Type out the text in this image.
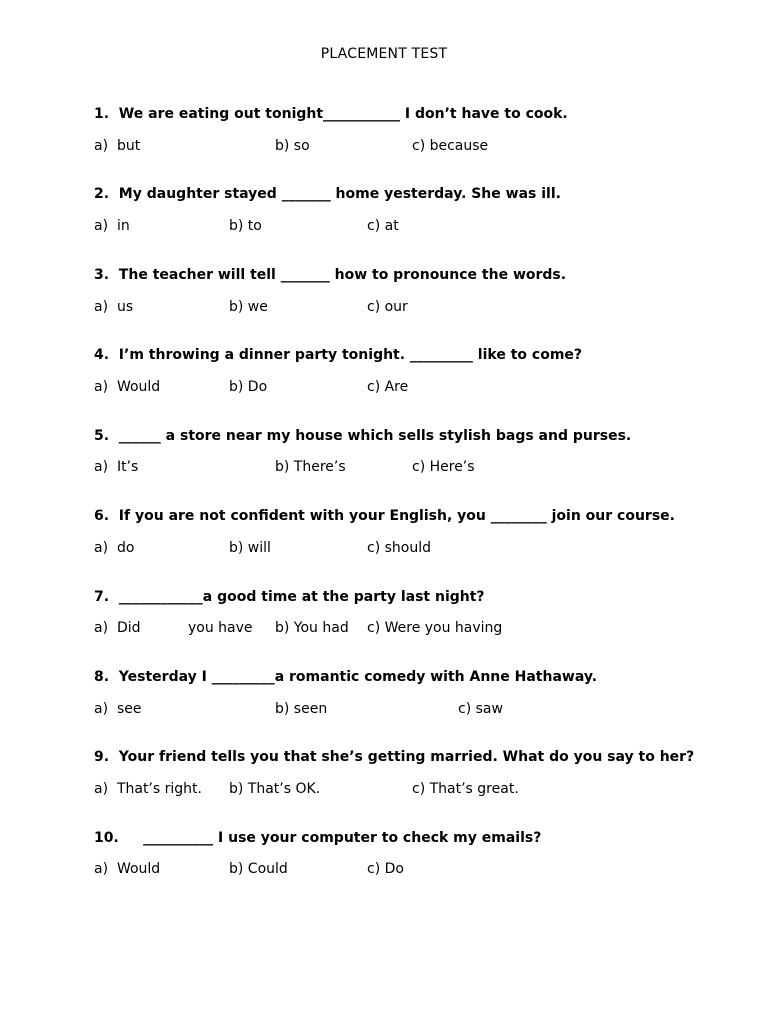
PLACEMENT TEST
1.  We are eating out tonight___________ I don’t have to cook.
a)  but	b) so	c) because
2.  My daughter stayed _______ home yesterday. She was ill.
a)  in	b) to	c) at
3.  The teacher will tell _______ how to pronounce the words.
a)  us	b) we	c) our
4.  I’m throwing a dinner party tonight. _________ like to come?
a)  Would	b) Do	c) Are
5.  ______ a store near my house which sells stylish bags and purses.
a)  It’s	b) There’s	c) Here’s
6.  If you are not confident with your English, you ________ join our course.
a)  do	b) will	c) should
7.  ____________a good time at the party last night?
a)  Did	you have b) You had c) Were you having
8.  Yesterday I _________a romantic comedy with Anne Hathaway.
a)  see	b) seen	c) saw
9.  Your friend tells you that she’s getting married. What do you say to her?
a)  That’s right. b) That’s OK.	c) That’s great.
10.     __________ I use your computer to check my emails?
a)  Would	b) Could	c) Do
